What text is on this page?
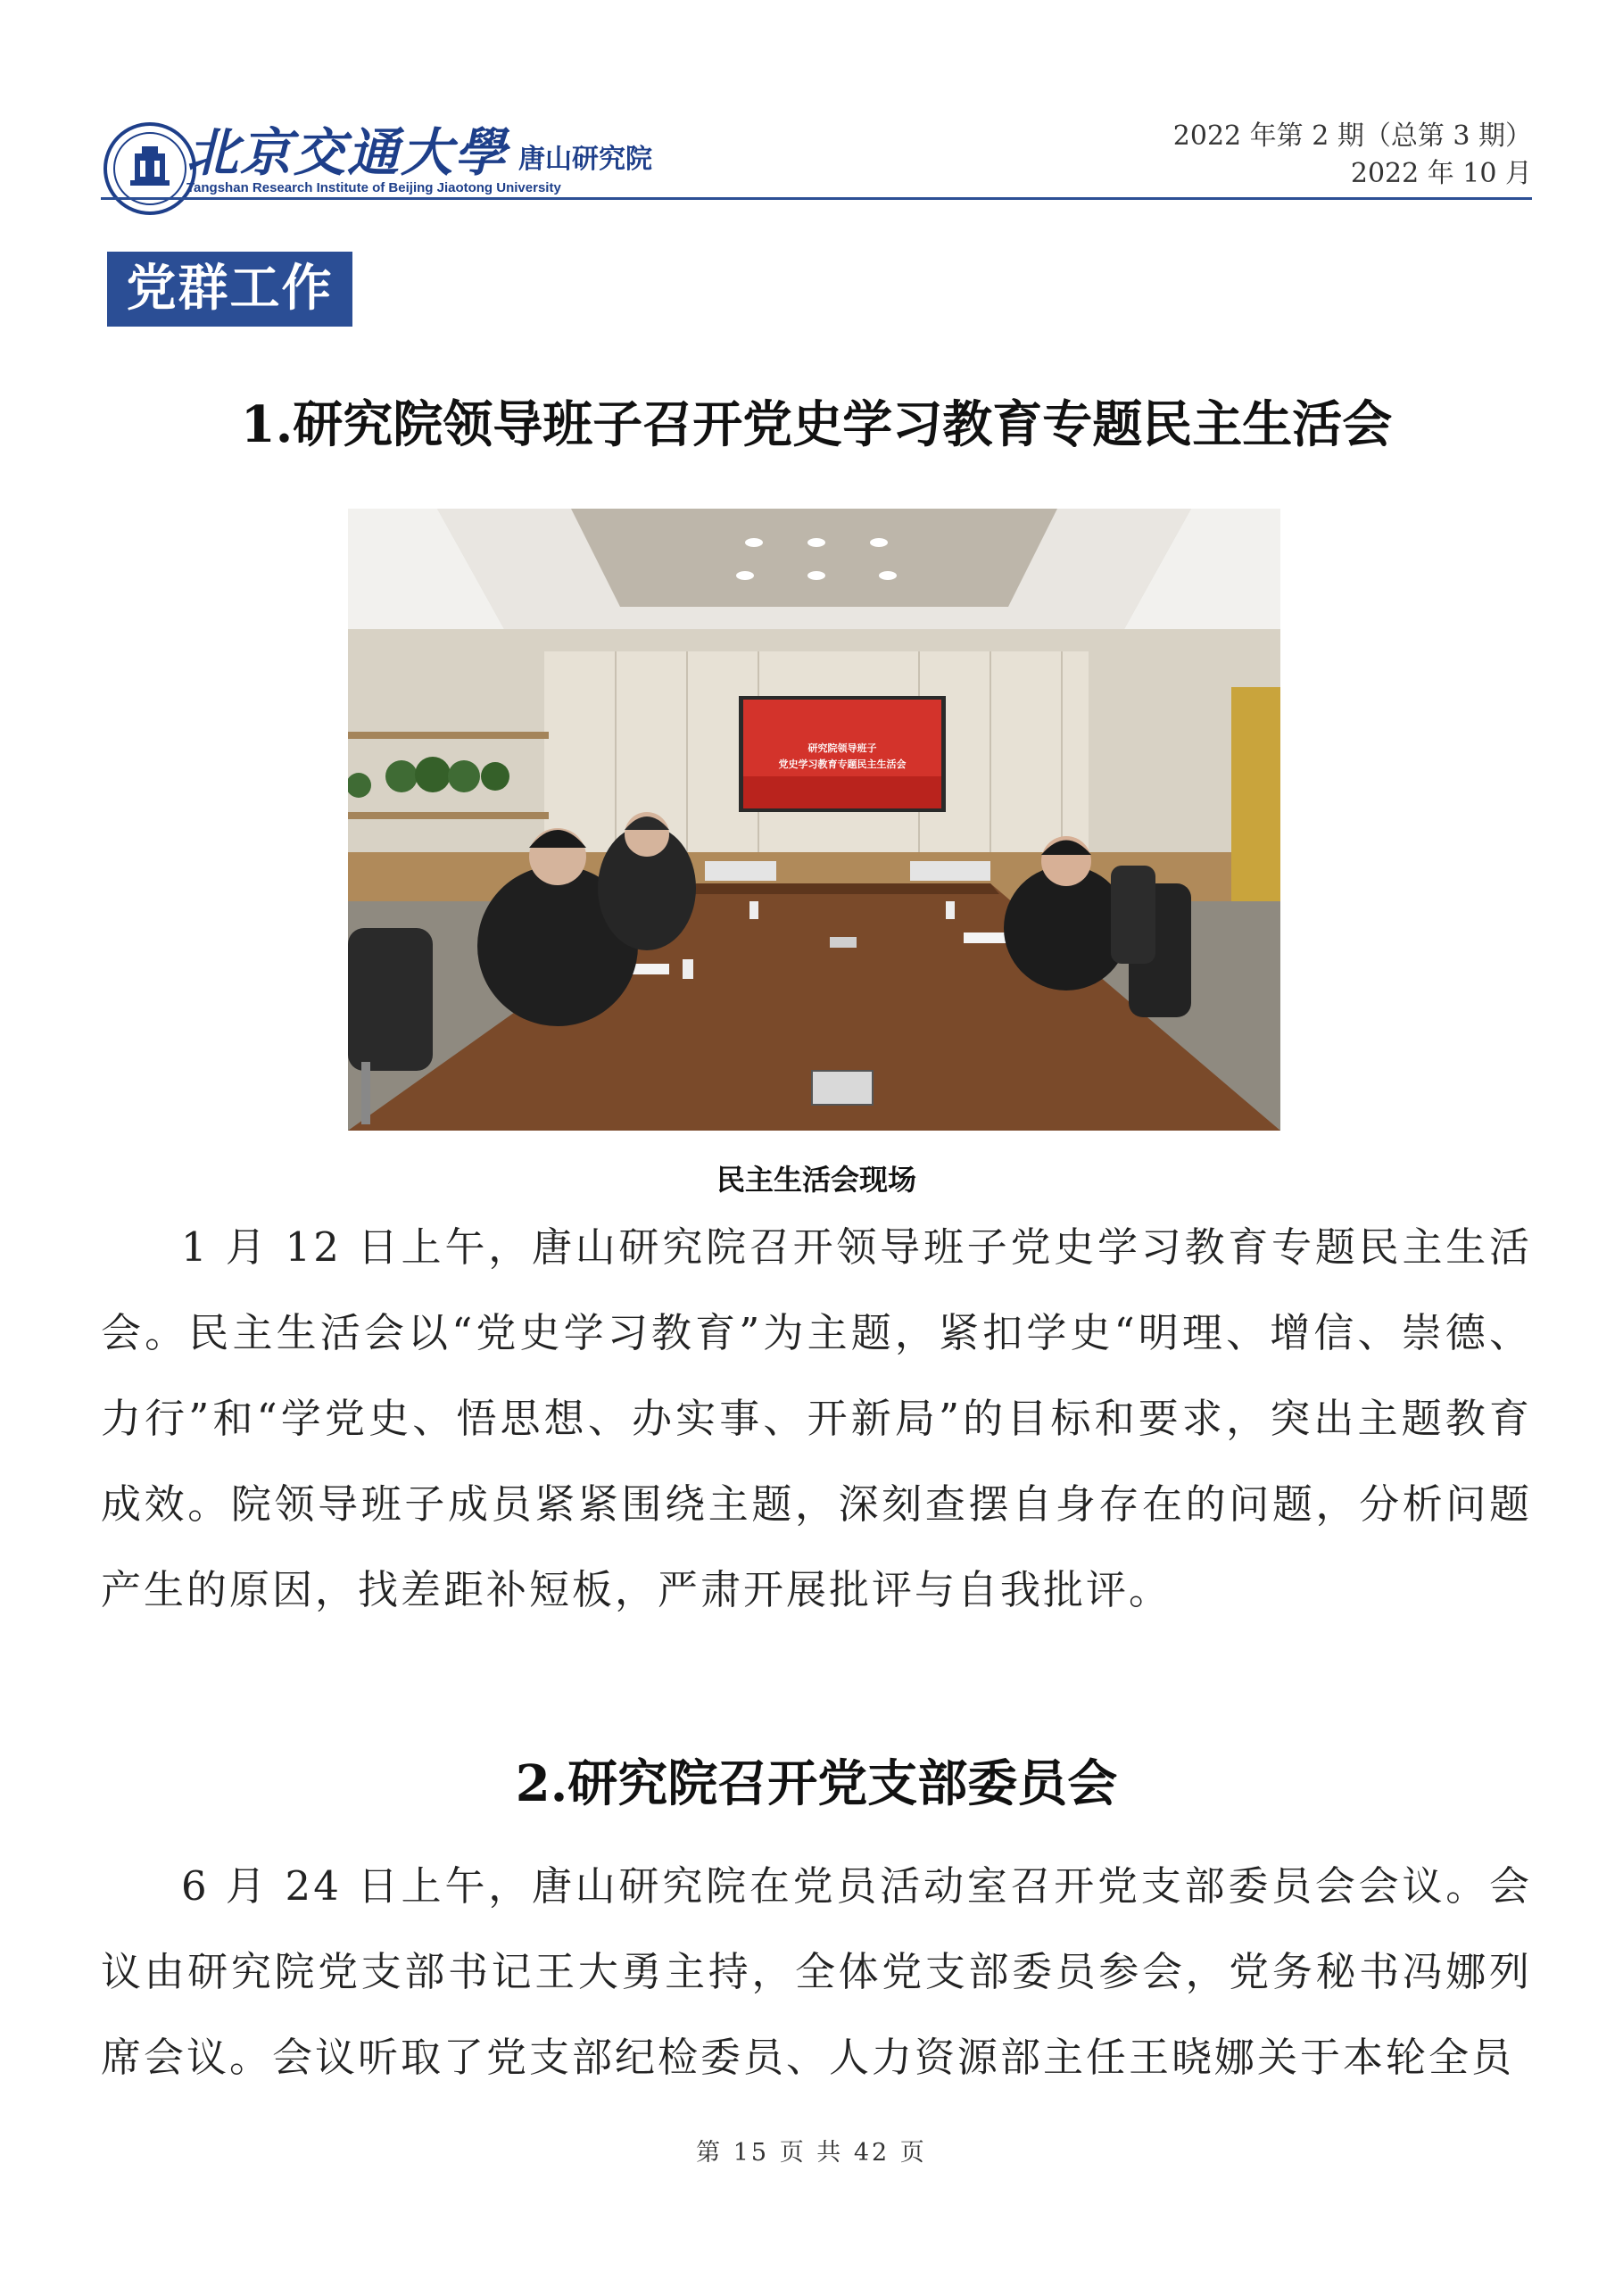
北京交通大學 唐山研究院
Tangshan Research Institute of Beijing Jiaotong University
2022 年第 2 期（总第 3 期）
2022 年 10 月
党群工作
1.研究院领导班子召开党史学习教育专题民主生活会
研究院领导班子
党史学习教育专题民主生活会
民主生活会现场

1 月 12 日上午，唐山研究院召开领导班子党史学习教育专题民主生活会。民主生活会以“党史学习教育”为主题，紧扣学史“明理、增信、崇德、力行”和“学党史、悟思想、办实事、开新局”的目标和要求，突出主题教育成效。院领导班子成员紧紧围绕主题，深刻查摆自身存在的问题，分析问题产生的原因，找差距补短板，严肃开展批评与自我批评。

2.研究院召开党支部委员会

6 月 24 日上午，唐山研究院在党员活动室召开党支部委员会会议。会议由研究院党支部书记王大勇主持，全体党支部委员参会，党务秘书冯娜列席会议。会议听取了党支部纪检委员、人力资源部主任王晓娜关于本轮全员

第 15 页 共 42 页
